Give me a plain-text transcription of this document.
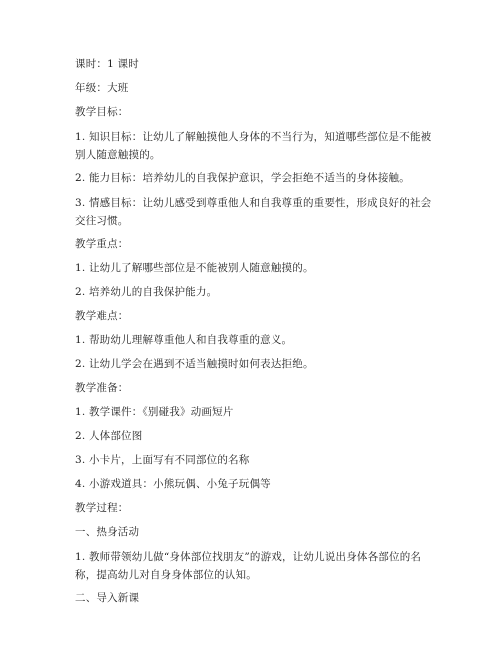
课时：1 课时
年级：大班
教学目标：
1. 知识目标：让幼儿了解触摸他人身体的不当行为，知道哪些部位是不能被别人随意触摸的。
2. 能力目标：培养幼儿的自我保护意识，学会拒绝不适当的身体接触。
3. 情感目标：让幼儿感受到尊重他人和自我尊重的重要性，形成良好的社会交往习惯。
教学重点：
1. 让幼儿了解哪些部位是不能被别人随意触摸的。
2. 培养幼儿的自我保护能力。
教学难点：
1. 帮助幼儿理解尊重他人和自我尊重的意义。
2. 让幼儿学会在遇到不适当触摸时如何表达拒绝。
教学准备：
1. 教学课件：《别碰我》动画短片
2. 人体部位图
3. 小卡片，上面写有不同部位的名称
4. 小游戏道具：小熊玩偶、小兔子玩偶等
教学过程：
一、热身活动
1. 教师带领幼儿做“身体部位找朋友”的游戏，让幼儿说出身体各部位的名称，提高幼儿对自身身体部位的认知。
二、导入新课
